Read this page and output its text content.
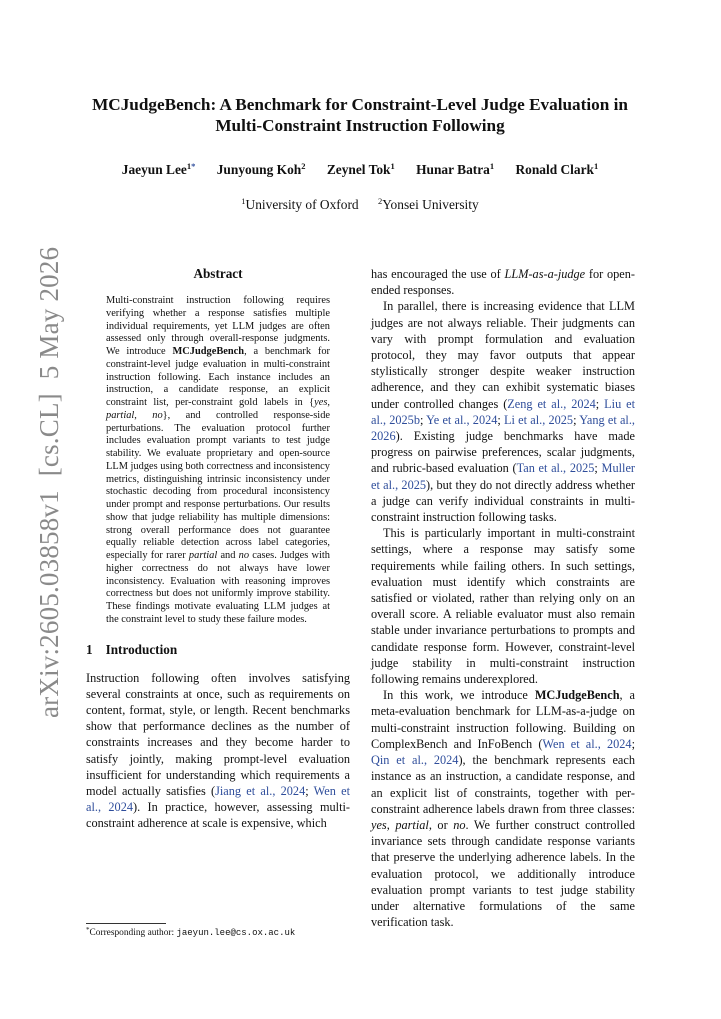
arXiv:2605.03858v1  [cs.CL]  5 May 2026
MCJudgeBench: A Benchmark for Constraint-Level Judge Evaluation in
Multi-Constraint Instruction Following
Jaeyun Lee$^{1*}$ Junyoung Koh$^2$ Zeynel Tok$^1$ Hunar Batra$^1$ Ronald Clark$^1$
$^1$University of Oxford $^2$Yonsei University
Abstract
Multi-constraint instruction following requires verifying whether a response satisfies multiple individual requirements, yet LLM judges are often assessed only through overall-response judgments. We introduce MCJudgeBench, a benchmark for constraint-level judge evaluation in multi-constraint instruction following. Each instance includes an instruction, a candidate response, an explicit constraint list, per-constraint gold labels in {yes, partial, no}, and controlled response-side perturbations. The evaluation protocol further includes evaluation prompt variants to test judge stability. We evaluate proprietary and open-source LLM judges using both correctness and inconsistency metrics, distinguishing intrinsic inconsistency under stochastic decoding from procedural inconsistency under prompt and response perturbations. Our results show that judge reliability has multiple dimensions: strong overall performance does not guarantee equally reliable detection across label categories, especially for rarer partial and no cases. Judges with higher correctness do not always have lower inconsistency. Evaluation with reasoning improves correctness but does not uniformly improve stability. These findings motivate evaluating LLM judges at the constraint level to study these failure modes.
1 Introduction

Instruction following often involves satisfying several constraints at once, such as requirements on content, format, style, or length. Recent benchmarks show that performance declines as the number of constraints increases and they become harder to satisfy jointly, making prompt-level evaluation insufficient for understanding which requirements a model actually satisfies (Jiang et al., 2024; Wen et al., 2024). In practice, however, assessing multi-constraint adherence at scale is expensive, which

has encouraged the use of LLM-as-a-judge for open-ended responses.

In parallel, there is increasing evidence that LLM judges are not always reliable. Their judgments can vary with prompt formulation and evaluation protocol, they may favor outputs that appear stylistically stronger despite weaker instruction adherence, and they can exhibit systematic biases under controlled changes (Zeng et al., 2024; Liu et al., 2025b; Ye et al., 2024; Li et al., 2025; Yang et al., 2026). Existing judge benchmarks have made progress on pairwise preferences, scalar judgments, and rubric-based evaluation (Tan et al., 2025; Muller et al., 2025), but they do not directly address whether a judge can verify individual constraints in multi-constraint instruction following tasks.

This is particularly important in multi-constraint settings, where a response may satisfy some requirements while failing others. In such settings, evaluation must identify which constraints are satisfied or violated, rather than relying only on an overall score. A reliable evaluator must also remain stable under invariance perturbations to prompts and candidate response form. However, constraint-level judge stability in multi-constraint instruction following remains underexplored.

In this work, we introduce MCJudgeBench, a meta-evaluation benchmark for LLM-as-a-judge on multi-constraint instruction following. Building on ComplexBench and InFoBench (Wen et al., 2024; Qin et al., 2024), the benchmark represents each instance as an instruction, a candidate response, and an explicit list of constraints, together with per-constraint adherence labels drawn from three classes: yes, partial, or no. We further construct controlled invariance sets through candidate response variants that preserve the underlying adherence labels. In the evaluation protocol, we additionally introduce evaluation prompt variants to test judge stability under alternative formulations of the same verification task.

*Corresponding author: jaeyun.lee@cs.ox.ac.uk
